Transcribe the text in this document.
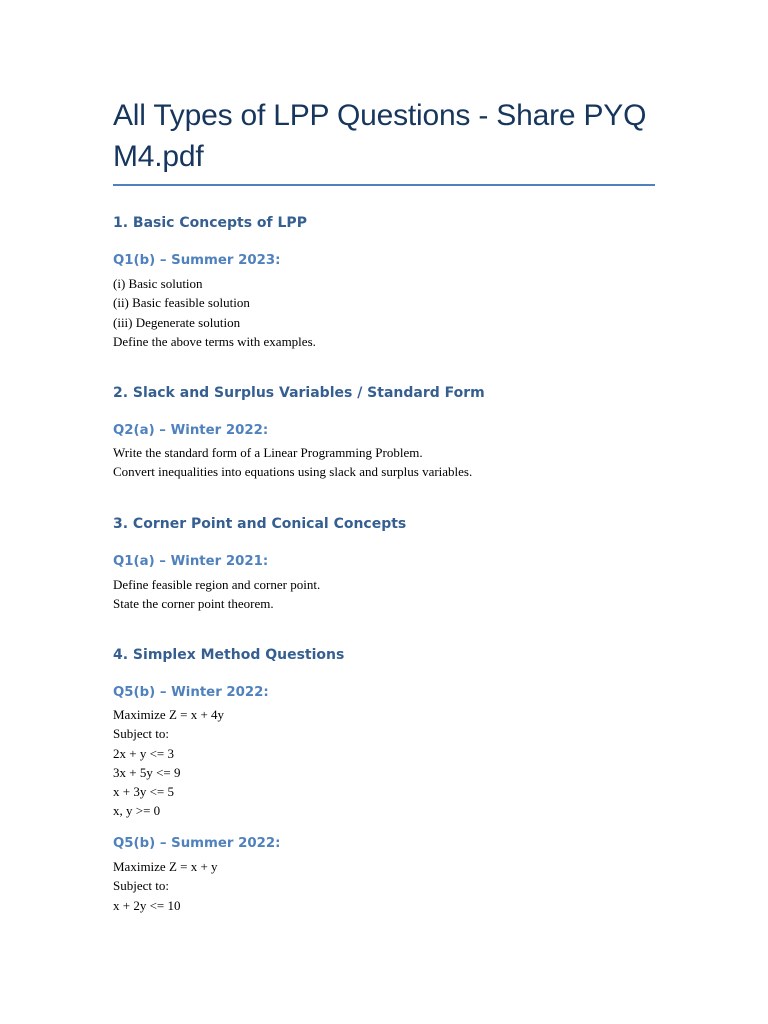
All Types of LPP Questions - Share PYQ M4.pdf
1. Basic Concepts of LPP
Q1(b) – Summer 2023:

(i) Basic solution

(ii) Basic feasible solution

(iii) Degenerate solution

Define the above terms with examples.

2. Slack and Surplus Variables / Standard Form
Q2(a) – Winter 2022:

Write the standard form of a Linear Programming Problem.

Convert inequalities into equations using slack and surplus variables.

3. Corner Point and Conical Concepts
Q1(a) – Winter 2021:

Define feasible region and corner point.

State the corner point theorem.

4. Simplex Method Questions
Q5(b) – Winter 2022:

Maximize Z = x + 4y

Subject to:

2x + y <= 3

3x + 5y <= 9

x + 3y <= 5

x, y >= 0

Q5(b) – Summer 2022:

Maximize Z = x + y

Subject to:

x + 2y <= 10
